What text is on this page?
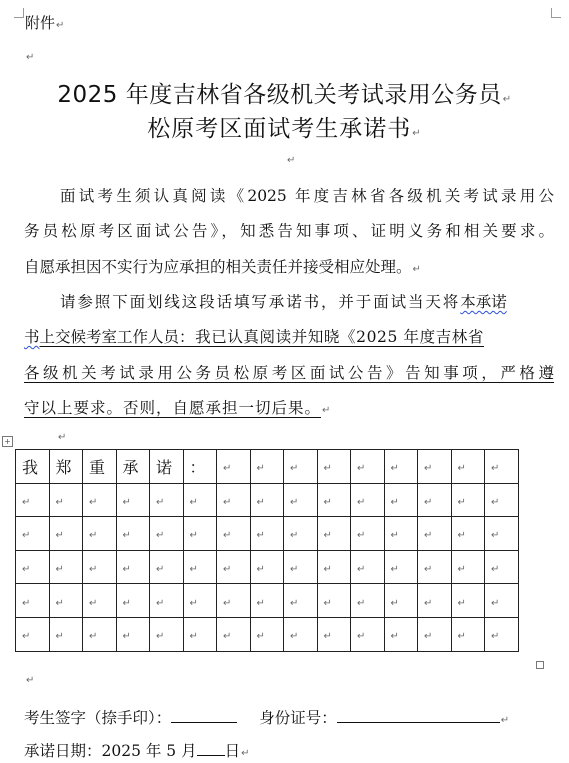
附件↵
↵
2025 年度吉林省各级机关考试录用公务员↵
松原考区面试考生承诺书↵
↵
面试考生须认真阅读《2025 年度吉林省各级机关考试录用公
务员松原考区面试公告》，知悉告知事项、证明义务和相关要求。
自愿承担因不实行为应承担的相关责任并接受相应处理。↵
请参照下面划线这段话填写承诺书，并于面试当天将本承诺
书上交候考室工作人员：我已认真阅读并知晓《2025 年度吉林省
各级机关考试录用公务员松原考区面试公告》告知事项，严格遵
守以上要求。否则，自愿承担一切后果。↵
+	↵
我	郑	重	承	诺	：	↵	↵	↵	↵	↵	↵	↵	↵	↵
↵	↵	↵	↵	↵	↵	↵	↵	↵	↵	↵	↵	↵	↵	↵
↵	↵	↵	↵	↵	↵	↵	↵	↵	↵	↵	↵	↵	↵	↵
↵	↵	↵	↵	↵	↵	↵	↵	↵	↵	↵	↵	↵	↵	↵
↵	↵	↵	↵	↵	↵	↵	↵	↵	↵	↵	↵	↵	↵	↵
↵	↵	↵	↵	↵	↵	↵	↵	↵	↵	↵	↵	↵	↵	↵
↵
考生签字（捺手印）：	身份证号：	↵
承诺日期：2025 年 5 月 日↵
